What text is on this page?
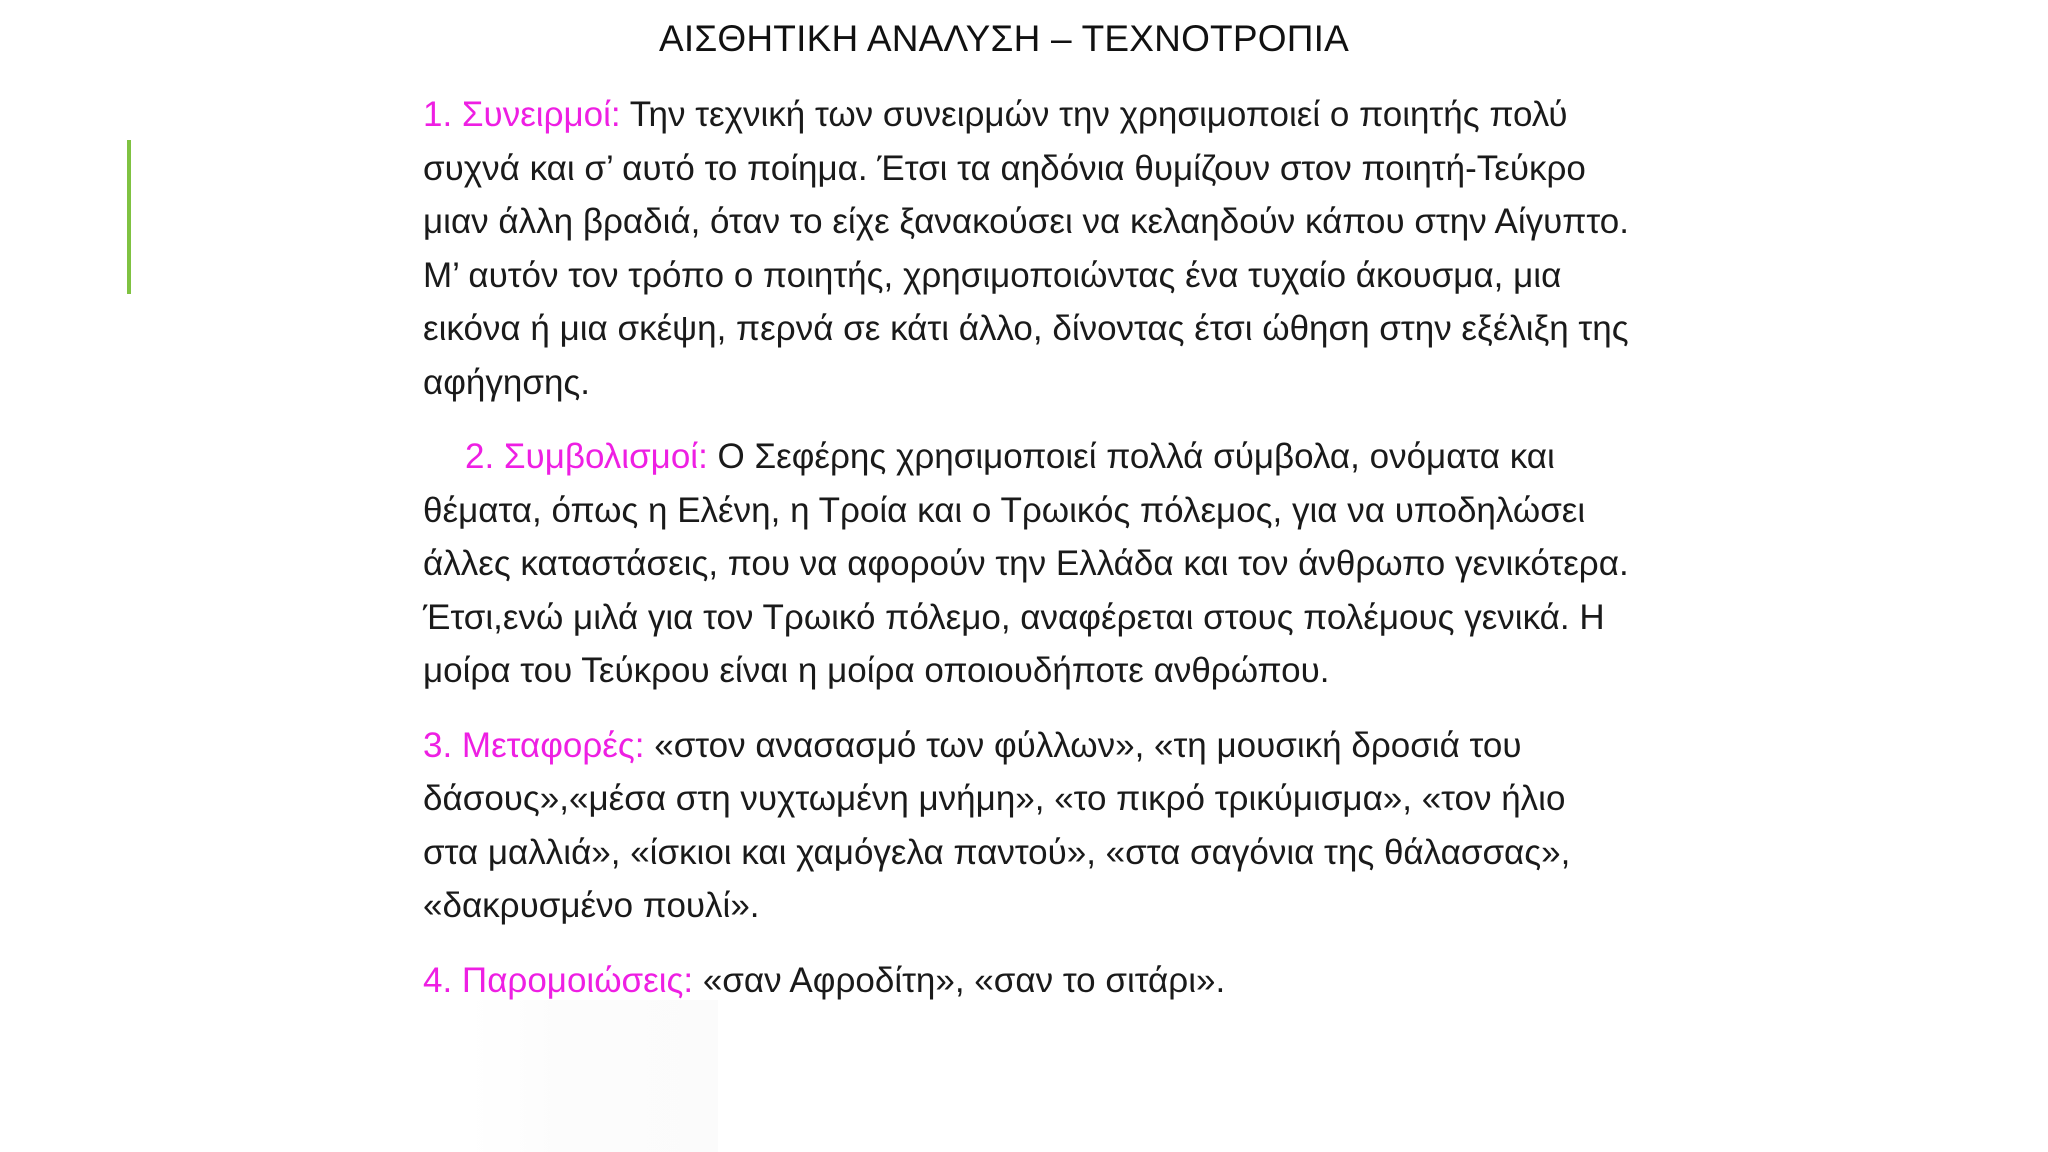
ΑΙΣΘΗΤΙΚΗ ΑΝΑΛΥΣΗ – ΤΕΧΝΟΤΡΟΠΙΑ

1. Συνειρμοί: Την τεχνική των συνειρμών την χρησιμοποιεί ο ποιητής πολύ
συχνά και σ’ αυτό το ποίημα. Έτσι τα αηδόνια θυμίζουν στον ποιητή-Τεύκρο
μιαν άλλη βραδιά, όταν το είχε ξανακούσει να κελαηδούν κάπου στην Αίγυπτο.
Μ’ αυτόν τον τρόπο ο ποιητής, χρησιμοποιώντας ένα τυχαίο άκουσμα, μια
εικόνα ή μια σκέψη, περνά σε κάτι άλλο, δίνοντας έτσι ώθηση στην εξέλιξη της
αφήγησης.

2. Συμβολισμοί: Ο Σεφέρης χρησιμοποιεί πολλά σύμβολα, ονόματα και
θέματα, όπως η Ελένη, η Τροία και ο Τρωικός πόλεμος, για να υποδηλώσει
άλλες καταστάσεις, που να αφορούν την Ελλάδα και τον άνθρωπο γενικότερα.
Έτσι,ενώ μιλά για τον Τρωικό πόλεμο, αναφέρεται στους πολέμους γενικά. Η
μοίρα του Τεύκρου είναι η μοίρα οποιουδήποτε ανθρώπου.

3. Μεταφορές: «στον ανασασμό των φύλλων», «τη μουσική δροσιά του
δάσους»,«μέσα στη νυχτωμένη μνήμη», «το πικρό τρικύμισμα», «τον ήλιο
στα μαλλιά», «ίσκιοι και χαμόγελα παντού», «στα σαγόνια της θάλασσας»,
«δακρυσμένο πουλί».

4. Παρομοιώσεις: «σαν Αφροδίτη», «σαν το σιτάρι».
